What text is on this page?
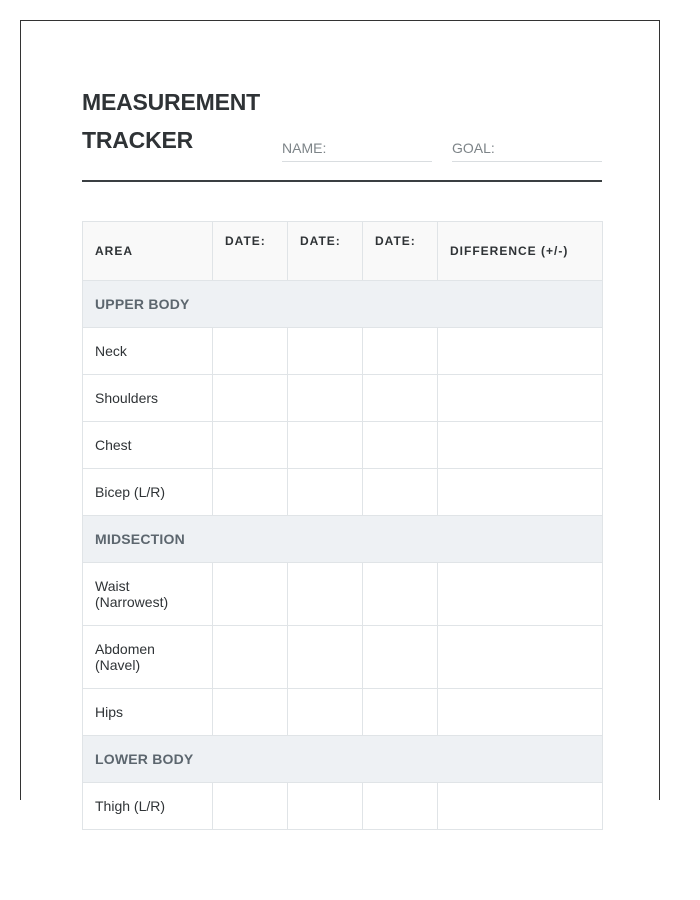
MEASUREMENT
TRACKER	NAME:	GOAL:
AREA	DATE:	DATE:	DATE:	DIFFERENCE (+/-)
UPPER BODY				
Neck				
Shoulders				
Chest				
Bicep (L/R)				
MIDSECTION				
Waist (Narrowest)				
Abdomen (Navel)				
Hips				
LOWER BODY				
Thigh (L/R)				
